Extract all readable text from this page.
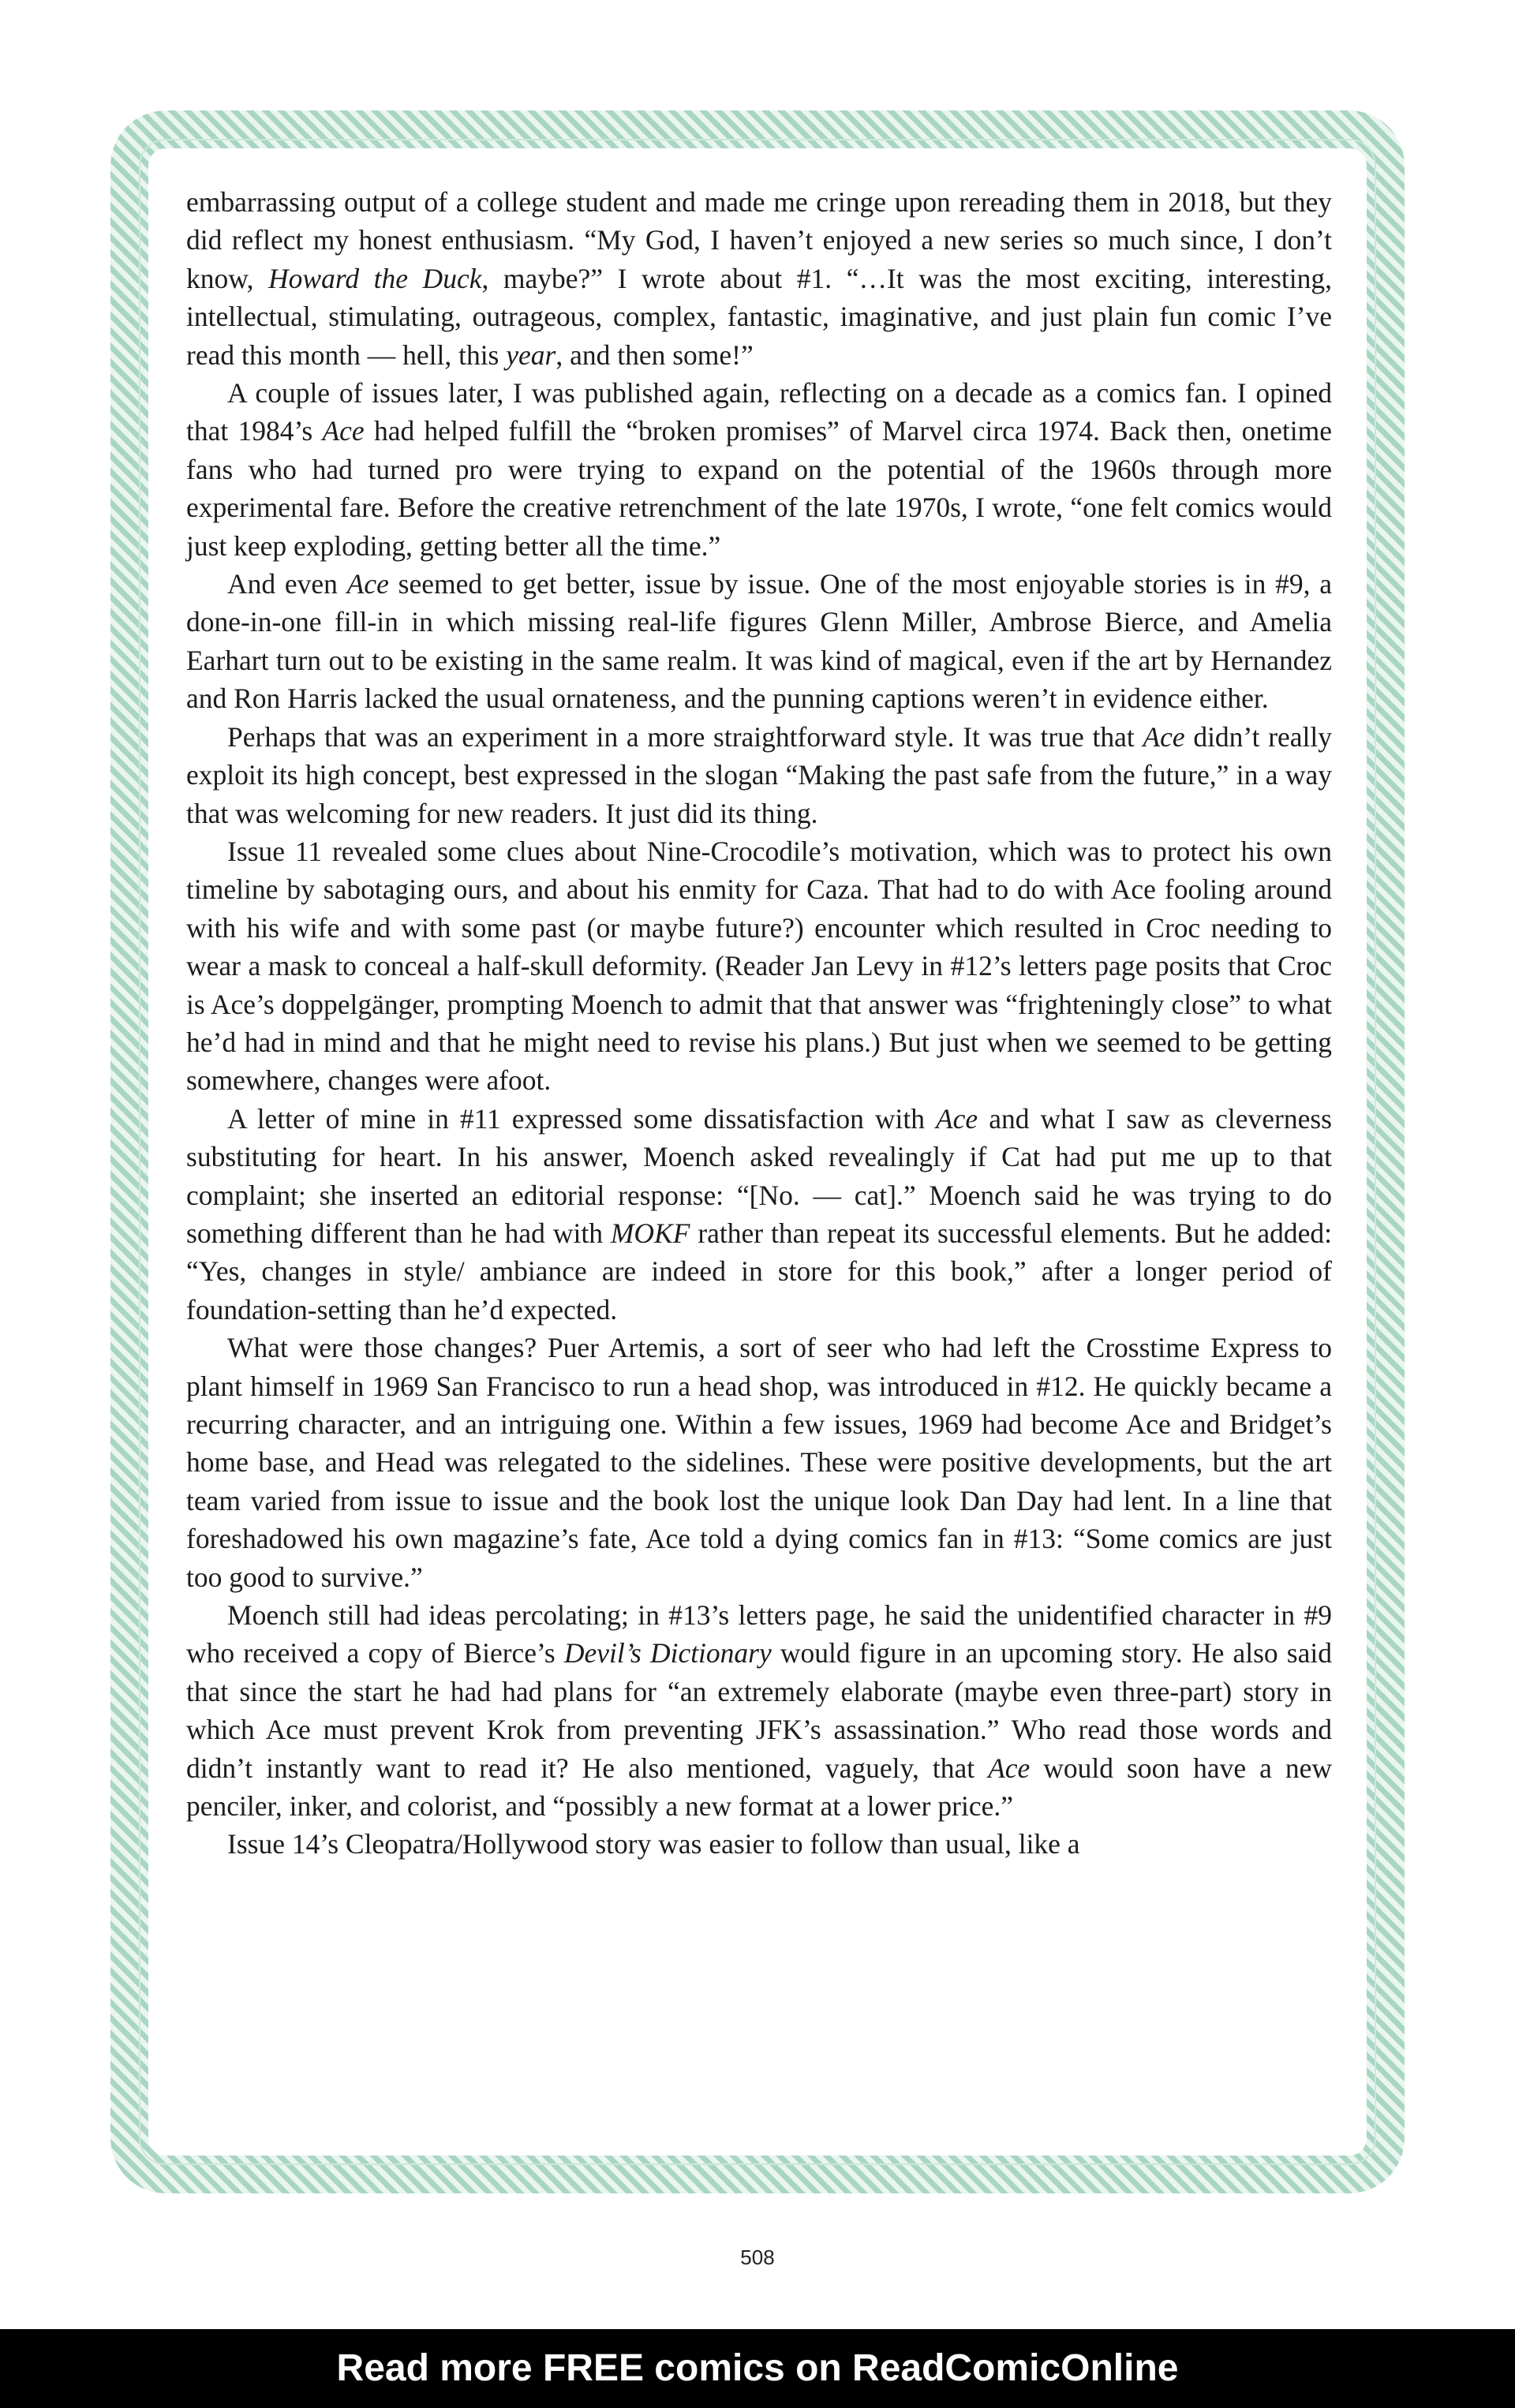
embarrassing output of a college student and made me cringe upon rereading them in 2018, but they did reflect my honest enthusiasm. “My God, I haven’t enjoyed a new series so much since, I don’t know, Howard the Duck, maybe?” I wrote about #1. “…It was the most exciting, interesting, intellectual, stimulating, outrageous, complex, fantastic, imaginative, and just plain fun comic I’ve read this month — hell, this year, and then some!”

A couple of issues later, I was published again, reflecting on a decade as a comics fan. I opined that 1984’s Ace had helped fulfill the “broken promises” of Marvel circa 1974. Back then, onetime fans who had turned pro were trying to expand on the potential of the 1960s through more experimental fare. Before the creative retrenchment of the late 1970s, I wrote, “one felt comics would just keep exploding, getting better all the time.”

And even Ace seemed to get better, issue by issue. One of the most enjoyable stories is in #9, a done-in-one fill-in in which missing real-life figures Glenn Miller, Ambrose Bierce, and Amelia Earhart turn out to be existing in the same realm. It was kind of magical, even if the art by Hernandez and Ron Harris lacked the usual ornateness, and the punning captions weren’t in evidence either.

Perhaps that was an experiment in a more straightforward style. It was true that Ace didn’t really exploit its high concept, best expressed in the slogan “Making the past safe from the future,” in a way that was welcoming for new readers. It just did its thing.

Issue 11 revealed some clues about Nine-Crocodile’s motivation, which was to protect his own timeline by sabotaging ours, and about his enmity for Caza. That had to do with Ace fooling around with his wife and with some past (or maybe future?) encounter which resulted in Croc needing to wear a mask to conceal a half-skull deformity. (Reader Jan Levy in #12’s letters page posits that Croc is Ace’s doppelgänger, prompting Moench to admit that that answer was “frighteningly close” to what he’d had in mind and that he might need to revise his plans.) But just when we seemed to be getting somewhere, changes were afoot.

A letter of mine in #11 expressed some dissatisfaction with Ace and what I saw as cleverness substituting for heart. In his answer, Moench asked revealingly if Cat had put me up to that complaint; she inserted an editorial response: “[No. — cat].” Moench said he was trying to do something different than he had with MOKF rather than repeat its successful elements. But he added: “Yes, changes in style/ ambiance are indeed in store for this book,” after a longer period of foundation-setting than he’d expected.

What were those changes? Puer Artemis, a sort of seer who had left the Crosstime Express to plant himself in 1969 San Francisco to run a head shop, was introduced in #12. He quickly became a recurring character, and an intriguing one. Within a few issues, 1969 had become Ace and Bridget’s home base, and Head was relegated to the sidelines. These were positive developments, but the art team varied from issue to issue and the book lost the unique look Dan Day had lent. In a line that foreshadowed his own magazine’s fate, Ace told a dying comics fan in #13: “Some comics are just too good to survive.”

Moench still had ideas percolating; in #13’s letters page, he said the unidentified character in #9 who received a copy of Bierce’s Devil’s Dictionary would figure in an upcoming story. He also said that since the start he had had plans for “an extremely elaborate (maybe even three-part) story in which Ace must prevent Krok from preventing JFK’s assassination.” Who read those words and didn’t instantly want to read it? He also mentioned, vaguely, that Ace would soon have a new penciler, inker, and colorist, and “possibly a new format at a lower price.”

Issue 14’s Cleopatra/Hollywood story was easier to follow than usual, like a

508
Read more FREE comics on ReadComicOnline
